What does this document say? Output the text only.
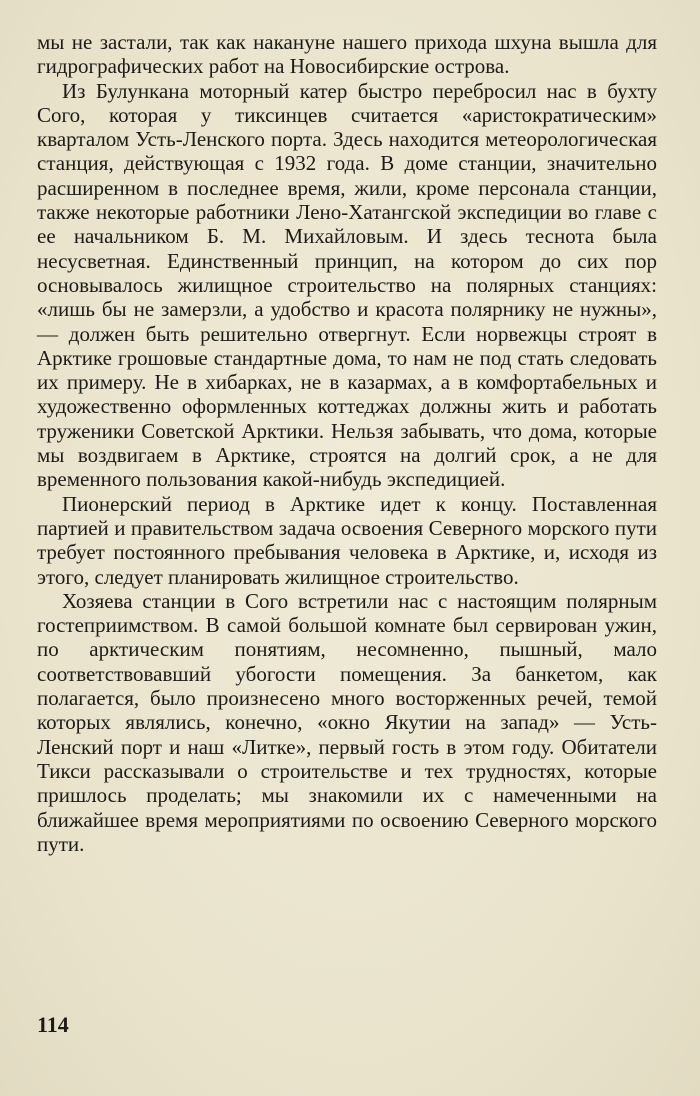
мы не застали, так как накануне нашего прихода шхуна вышла для гидрографических работ на Новосибирские острова.

Из Булункана моторный катер быстро перебросил нас в бухту Сого, которая у тиксинцев считается «аристократическим» кварталом Усть-Ленского порта. Здесь находится метеорологическая станция, действующая с 1932 года. В доме станции, значительно расширенном в последнее время, жили, кроме персонала станции, также некоторые работники Лено-Хатангской экспедиции во главе с ее начальником Б. М. Михайловым. И здесь теснота была несусветная. Единственный принцип, на котором до сих пор основывалось жилищное строительство на полярных станциях: «лишь бы не замерзли, а удобство и красота полярнику не нужны», — должен быть решительно отвергнут. Если норвежцы строят в Арктике грошовые стандартные дома, то нам не под стать следовать их примеру. Не в хибарках, не в казармах, а в комфортабельных и художественно оформленных коттеджах должны жить и работать труженики Советской Арктики. Нельзя забывать, что дома, которые мы воздвигаем в Арктике, строятся на долгий срок, а не для временного пользования какой-нибудь экспедицией.

Пионерский период в Арктике идет к концу. Поставленная партией и правительством задача освоения Северного морского пути требует постоянного пребывания человека в Арктике, и, исходя из этого, следует планировать жилищное строительство.

Хозяева станции в Сого встретили нас с настоящим полярным гостеприимством. В самой большой комнате был сервирован ужин, по арктическим понятиям, несомненно, пышный, мало соответствовавший убогости помещения. За банкетом, как полагается, было произнесено много восторженных речей, темой которых являлись, конечно, «окно Якутии на запад» — Усть-Ленский порт и наш «Литке», первый гость в этом году. Обитатели Тикси рассказывали о строительстве и тех трудностях, которые пришлось проделать; мы знакомили их с намеченными на ближайшее время мероприятиями по освоению Северного морского пути.

114
